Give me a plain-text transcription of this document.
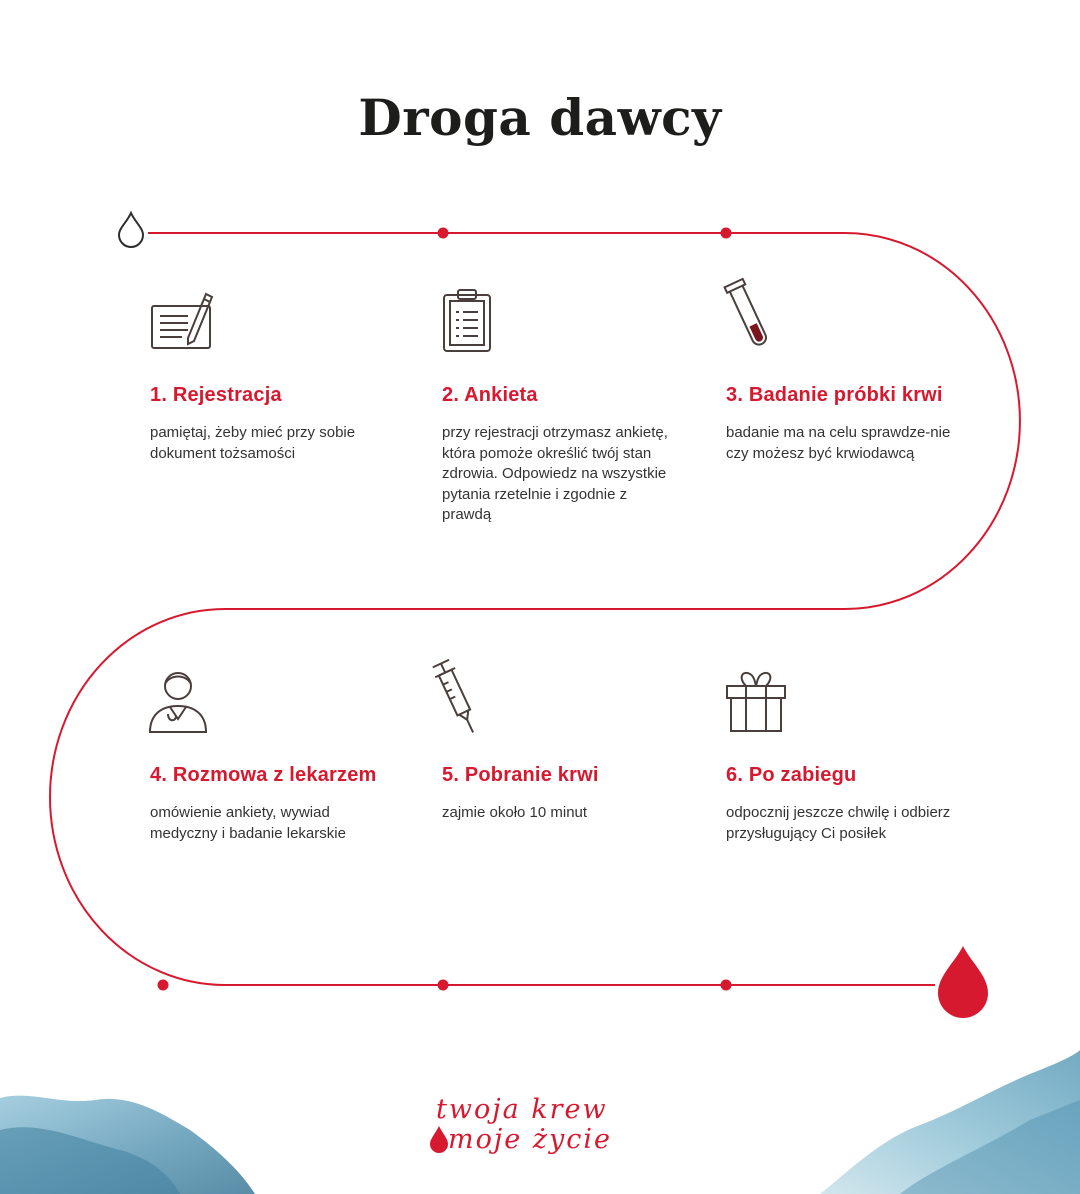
Droga dawcy
1. Rejestracja

pamiętaj, żeby mieć przy sobie dokument tożsamości

2. Ankieta

przy rejestracji otrzymasz ankietę, która pomoże określić twój stan zdrowia. Odpowiedz na wszystkie pytania rzetelnie i zgodnie z prawdą

3. Badanie próbki krwi

badanie ma na celu sprawdze-nie czy możesz być krwiodawcą

4. Rozmowa z lekarzem

omówienie ankiety, wywiad medyczny i badanie lekarskie

5. Pobranie krwi

zajmie około 10 minut

6. Po zabiegu

odpocznij jeszcze chwilę i odbierz przysługujący Ci posiłek

twoja krew
moje życie
